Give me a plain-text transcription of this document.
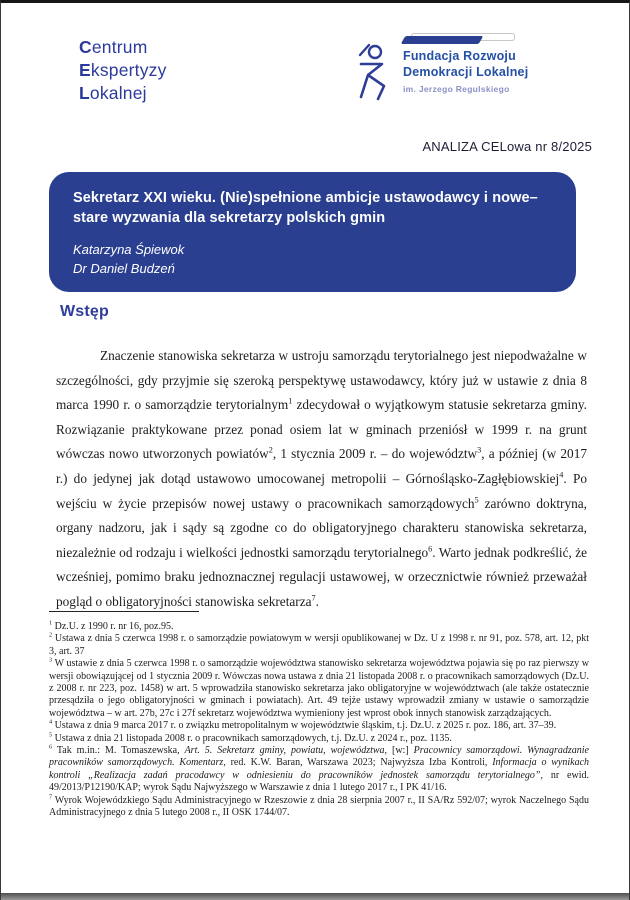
Centrum
Ekspertyzy
Lokalnej
Fundacja Rozwoju
Demokracji Lokalnej
im. Jerzego Regulskiego
ANALIZA CELowa nr 8/2025
Sekretarz XXI wieku. (Nie)spełnione ambicje ustawodawcy i nowe–stare wyzwania dla sekretarzy polskich gmin
Katarzyna Śpiewok
Dr Daniel Budzeń
Wstęp

Znaczenie stanowiska sekretarza w ustroju samorządu terytorialnego jest niepodważalne w szczególności, gdy przyjmie się szeroką perspektywę ustawodawcy, który już w ustawie z dnia 8 marca 1990 r. o samorządzie terytorialnym$^1$ zdecydował o wyjątkowym statusie sekretarza gminy. Rozwiązanie praktykowane przez ponad osiem lat w gminach przeniósł w 1999 r. na grunt wówczas nowo utworzonych powiatów$^2$, 1 stycznia 2009 r. – do województw$^3$, a później (w 2017 r.) do jedynej jak dotąd ustawowo umocowanej metropolii – Górnośląsko-Zagłębiowskiej$^4$. Po wejściu w życie przepisów nowej ustawy o pracownikach samorządowych$^5$ zarówno doktryna, organy nadzoru, jak i sądy są zgodne co do obligatoryjnego charakteru stanowiska sekretarza, niezależnie od rodzaju i wielkości jednostki samorządu terytorialnego$^6$. Warto jednak podkreślić, że wcześniej, pomimo braku jednoznacznej regulacji ustawowej, w orzecznictwie również przeważał pogląd o obligatoryjności stanowiska sekretarza$^7$.

$^1$ Dz.U. z 1990 r. nr 16, poz.95.

$^2$ Ustawa z dnia 5 czerwca 1998 r. o samorządzie powiatowym w wersji opublikowanej w Dz. U z 1998 r. nr 91, poz. 578, art. 12, pkt 3, art. 37

$^3$ W ustawie z dnia 5 czerwca 1998 r. o samorządzie województwa stanowisko sekretarza województwa pojawia się po raz pierwszy w wersji obowiązującej od 1 stycznia 2009 r. Wówczas nowa ustawa z dnia 21 listopada 2008 r. o pracownikach samorządowych (Dz.U. z 2008 r. nr 223, poz. 1458) w art. 5 wprowadziła stanowisko sekretarza jako obligatoryjne w województwach (ale także ostatecznie przesądziła o jego obligatoryjności w gminach i powiatach). Art. 49 tejże ustawy wprowadził zmiany w ustawie o samorządzie województwa – w art. 27b, 27c i 27f sekretarz województwa wymieniony jest wprost obok innych stanowisk zarządzających.

$^4$ Ustawa z dnia 9 marca 2017 r. o związku metropolitalnym w województwie śląskim, t.j. Dz.U. z 2025 r. poz. 186, art. 37–39.

$^5$ Ustawa z dnia 21 listopada 2008 r. o pracownikach samorządowych, t.j. Dz.U. z 2024 r., poz. 1135.

$^6$ Tak m.in.: M. Tomaszewska, Art. 5. Sekretarz gminy, powiatu, województwa, [w:] Pracownicy samorządowi. Wynagradzanie pracowników samorządowych. Komentarz, red. K.W. Baran, Warszawa 2023; Najwyższa Izba Kontroli, Informacja o wynikach kontroli „Realizacja zadań pracodawcy w odniesieniu do pracowników jednostek samorządu terytorialnego”, nr ewid. 49/2013/P12190/KAP; wyrok Sądu Najwyższego w Warszawie z dnia 1 lutego 2017 r., I PK 41/16.

$^7$ Wyrok Wojewódzkiego Sądu Administracyjnego w Rzeszowie z dnia 28 sierpnia 2007 r., II SA/Rz 592/07; wyrok Naczelnego Sądu Administracyjnego z dnia 5 lutego 2008 r., II OSK 1744/07.
